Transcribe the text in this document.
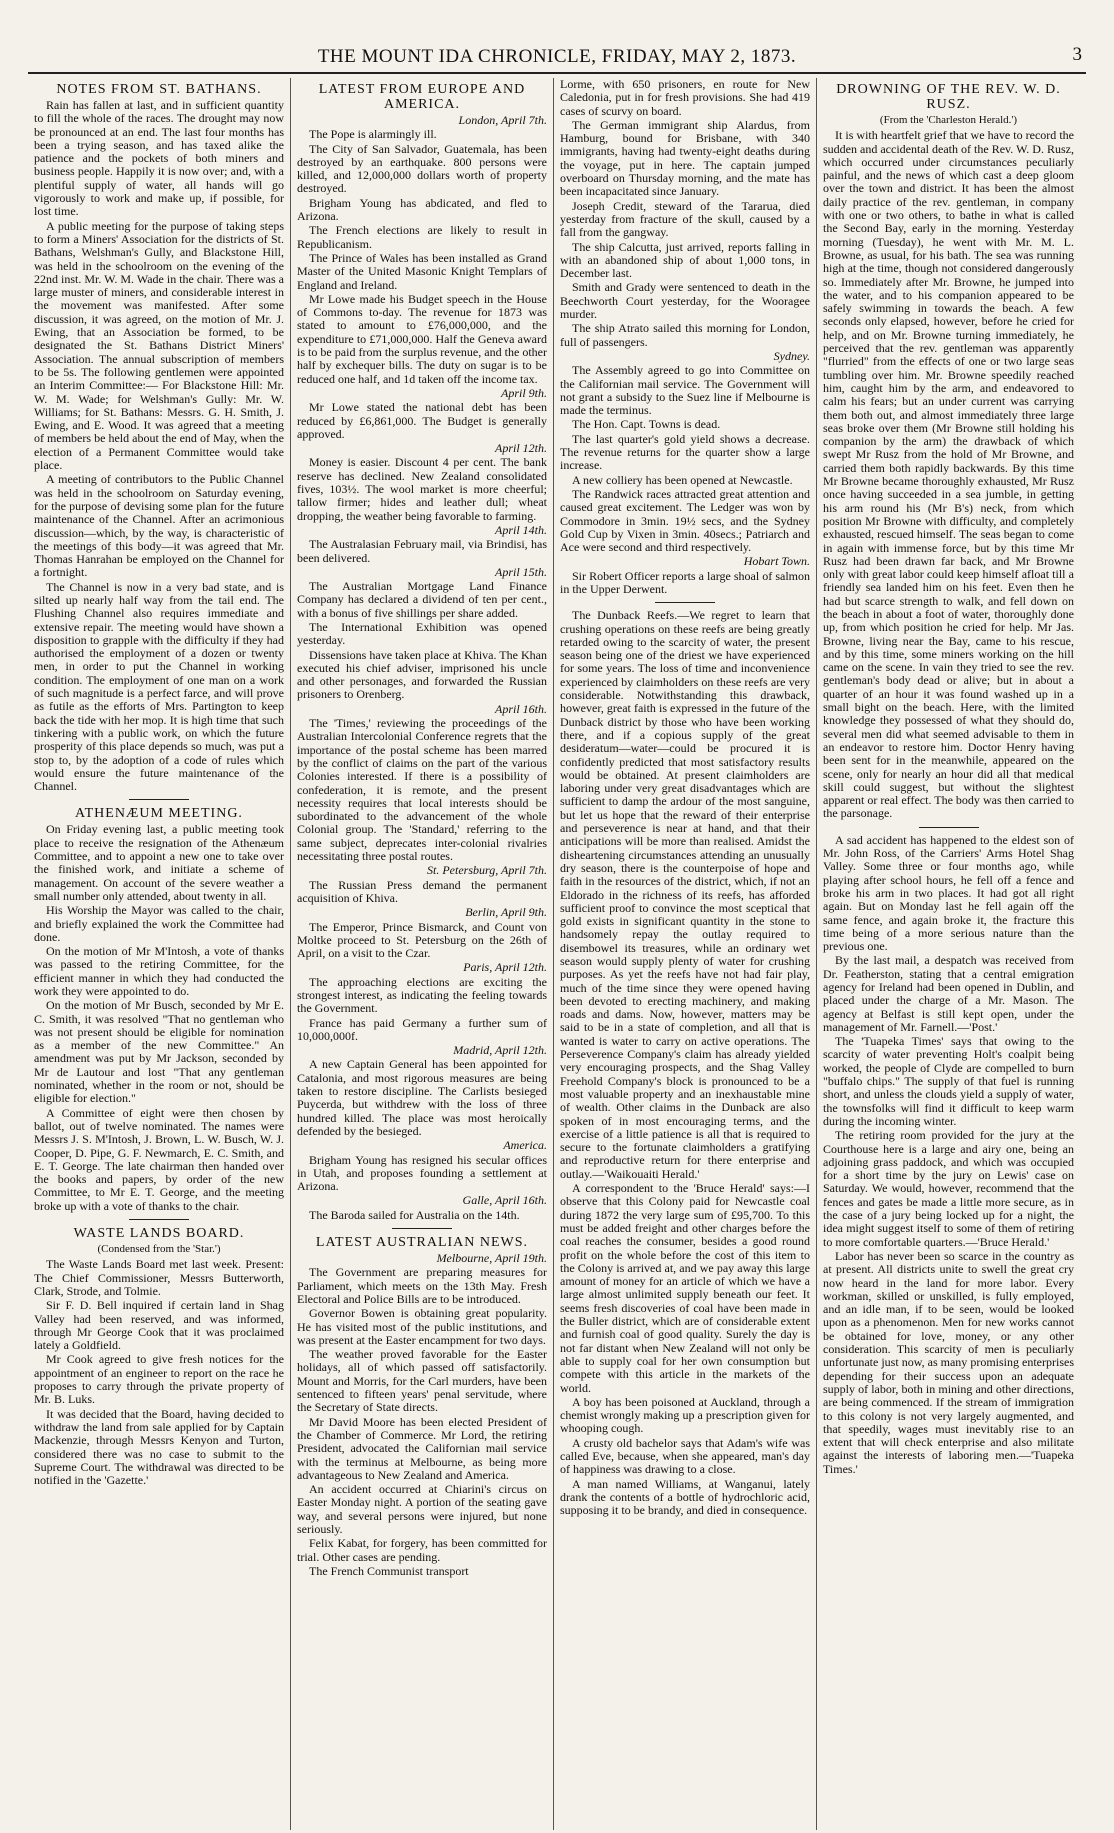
THE MOUNT IDA CHRONICLE, FRIDAY, MAY 2, 1873.	3
NOTES FROM ST. BATHANS.

Rain has fallen at last, and in sufficient quantity to fill the whole of the races. The drought may now be pronounced at an end. The last four months has been a trying season, and has taxed alike the patience and the pockets of both miners and business people. Happily it is now over; and, with a plentiful supply of water, all hands will go vigorously to work and make up, if possible, for lost time.

A public meeting for the purpose of taking steps to form a Miners' Association for the districts of St. Bathans, Welshman's Gully, and Blackstone Hill, was held in the schoolroom on the evening of the 22nd inst. Mr. W. M. Wade in the chair. There was a large muster of miners, and considerable interest in the movement was manifested. After some discussion, it was agreed, on the motion of Mr. J. Ewing, that an Association be formed, to be designated the St. Bathans District Miners' Association. The annual subscription of members to be 5s. The following gentlemen were appointed an Interim Committee:— For Blackstone Hill: Mr. W. M. Wade; for Welshman's Gully: Mr. W. Williams; for St. Bathans: Messrs. G. H. Smith, J. Ewing, and E. Wood. It was agreed that a meeting of members be held about the end of May, when the election of a Permanent Committee would take place.

A meeting of contributors to the Public Channel was held in the schoolroom on Saturday evening, for the purpose of devising some plan for the future maintenance of the Channel. After an acrimonious discussion—which, by the way, is characteristic of the meetings of this body—it was agreed that Mr. Thomas Hanrahan be employed on the Channel for a fortnight.

The Channel is now in a very bad state, and is silted up nearly half way from the tail end. The Flushing Channel also requires immediate and extensive repair. The meeting would have shown a disposition to grapple with the difficulty if they had authorised the employment of a dozen or twenty men, in order to put the Channel in working condition. The employment of one man on a work of such magnitude is a perfect farce, and will prove as futile as the efforts of Mrs. Partington to keep back the tide with her mop. It is high time that such tinkering with a public work, on which the future prosperity of this place depends so much, was put a stop to, by the adoption of a code of rules which would ensure the future maintenance of the Channel.

ATHENÆUM MEETING.

On Friday evening last, a public meeting took place to receive the resignation of the Athenæum Committee, and to appoint a new one to take over the finished work, and initiate a scheme of management. On account of the severe weather a small number only attended, about twenty in all.

His Worship the Mayor was called to the chair, and briefly explained the work the Committee had done.

On the motion of Mr M'Intosh, a vote of thanks was passed to the retiring Committee, for the efficient manner in which they had conducted the work they were appointed to do.

On the motion of Mr Busch, seconded by Mr E. C. Smith, it was resolved "That no gentleman who was not present should be eligible for nomination as a member of the new Committee." An amendment was put by Mr Jackson, seconded by Mr de Lautour and lost "That any gentleman nominated, whether in the room or not, should be eligible for election."

A Committee of eight were then chosen by ballot, out of twelve nominated. The names were Messrs J. S. M'Intosh, J. Brown, L. W. Busch, W. J. Cooper, D. Pipe, G. F. Newmarch, E. C. Smith, and E. T. George. The late chairman then handed over the books and papers, by order of the new Committee, to Mr E. T. George, and the meeting broke up with a vote of thanks to the chair.

WASTE LANDS BOARD.
(Condensed from the 'Star.')

The Waste Lands Board met last week. Present: The Chief Commissioner, Messrs Butterworth, Clark, Strode, and Tolmie.

Sir F. D. Bell inquired if certain land in Shag Valley had been reserved, and was informed, through Mr George Cook that it was proclaimed lately a Goldfield.

Mr Cook agreed to give fresh notices for the appointment of an engineer to report on the race he proposes to carry through the private property of Mr. B. Luks.

It was decided that the Board, having decided to withdraw the land from sale applied for by Captain Mackenzie, through Messrs Kenyon and Turton, considered there was no case to submit to the Supreme Court. The withdrawal was directed to be notified in the 'Gazette.'

LATEST FROM EUROPE AND AMERICA.

London, April 7th.

The Pope is alarmingly ill.

The City of San Salvador, Guatemala, has been destroyed by an earthquake. 800 persons were killed, and 12,000,000 dollars worth of property destroyed.

Brigham Young has abdicated, and fled to Arizona.

The French elections are likely to result in Republicanism.

The Prince of Wales has been installed as Grand Master of the United Masonic Knight Templars of England and Ireland.

Mr Lowe made his Budget speech in the House of Commons to-day. The revenue for 1873 was stated to amount to £76,000,000, and the expenditure to £71,000,000. Half the Geneva award is to be paid from the surplus revenue, and the other half by exchequer bills. The duty on sugar is to be reduced one half, and 1d taken off the income tax.

April 9th.

Mr Lowe stated the national debt has been reduced by £6,861,000. The Budget is generally approved.

April 12th.

Money is easier. Discount 4 per cent. The bank reserve has declined. New Zealand consolidated fives, 103½. The wool market is more cheerful; tallow firmer; hides and leather dull; wheat dropping, the weather being favorable to farming.

April 14th.

The Australasian February mail, via Brindisi, has been delivered.

April 15th.

The Australian Mortgage Land Finance Company has declared a dividend of ten per cent., with a bonus of five shillings per share added.

The International Exhibition was opened yesterday.

Dissensions have taken place at Khiva. The Khan executed his chief adviser, imprisoned his uncle and other personages, and forwarded the Russian prisoners to Orenberg.

April 16th.

The 'Times,' reviewing the proceedings of the Australian Intercolonial Conference regrets that the importance of the postal scheme has been marred by the conflict of claims on the part of the various Colonies interested. If there is a possibility of confederation, it is remote, and the present necessity requires that local interests should be subordinated to the advancement of the whole Colonial group. The 'Standard,' referring to the same subject, deprecates inter-colonial rivalries necessitating three postal routes.

St. Petersburg, April 7th.

The Russian Press demand the permanent acquisition of Khiva.

Berlin, April 9th.

The Emperor, Prince Bismarck, and Count von Moltke proceed to St. Petersburg on the 26th of April, on a visit to the Czar.

Paris, April 12th.

The approaching elections are exciting the strongest interest, as indicating the feeling towards the Government.

France has paid Germany a further sum of 10,000,000f.

Madrid, April 12th.

A new Captain General has been appointed for Catalonia, and most rigorous measures are being taken to restore discipline. The Carlists besieged Puycerda, but withdrew with the loss of three hundred killed. The place was most heroically defended by the besieged.

America.

Brigham Young has resigned his secular offices in Utah, and proposes founding a settlement at Arizona.

Galle, April 16th.

The Baroda sailed for Australia on the 14th.

LATEST AUSTRALIAN NEWS.

Melbourne, April 19th.

The Government are preparing measures for Parliament, which meets on the 13th May. Fresh Electoral and Police Bills are to be introduced.

Governor Bowen is obtaining great popularity. He has visited most of the public institutions, and was present at the Easter encampment for two days.

The weather proved favorable for the Easter holidays, all of which passed off satisfactorily. Mount and Morris, for the Carl murders, have been sentenced to fifteen years' penal servitude, where the Secretary of State directs.

Mr David Moore has been elected President of the Chamber of Commerce. Mr Lord, the retiring President, advocated the Californian mail service with the terminus at Melbourne, as being more advantageous to New Zealand and America.

An accident occurred at Chiarini's circus on Easter Monday night. A portion of the seating gave way, and several persons were injured, but none seriously.

Felix Kabat, for forgery, has been committed for trial. Other cases are pending.

The French Communist transport

Lorme, with 650 prisoners, en route for New Caledonia, put in for fresh provisions. She had 419 cases of scurvy on board.

The German immigrant ship Alardus, from Hamburg, bound for Brisbane, with 340 immigrants, having had twenty-eight deaths during the voyage, put in here. The captain jumped overboard on Thursday morning, and the mate has been incapacitated since January.

Joseph Credit, steward of the Tararua, died yesterday from fracture of the skull, caused by a fall from the gangway.

The ship Calcutta, just arrived, reports falling in with an abandoned ship of about 1,000 tons, in December last.

Smith and Grady were sentenced to death in the Beechworth Court yesterday, for the Wooragee murder.

The ship Atrato sailed this morning for London, full of passengers.

Sydney.

The Assembly agreed to go into Committee on the Californian mail service. The Government will not grant a subsidy to the Suez line if Melbourne is made the terminus.

The Hon. Capt. Towns is dead.

The last quarter's gold yield shows a decrease. The revenue returns for the quarter show a large increase.

A new colliery has been opened at Newcastle.

The Randwick races attracted great attention and caused great excitement. The Ledger was won by Commodore in 3min. 19½ secs, and the Sydney Gold Cup by Vixen in 3min. 40secs.; Patriarch and Ace were second and third respectively.

Hobart Town.

Sir Robert Officer reports a large shoal of salmon in the Upper Derwent.

The Dunback Reefs.—We regret to learn that crushing operations on these reefs are being greatly retarded owing to the scarcity of water, the present season being one of the driest we have experienced for some years. The loss of time and inconvenience experienced by claimholders on these reefs are very considerable. Notwithstanding this drawback, however, great faith is expressed in the future of the Dunback district by those who have been working there, and if a copious supply of the great desideratum—water—could be procured it is confidently predicted that most satisfactory results would be obtained. At present claimholders are laboring under very great disadvantages which are sufficient to damp the ardour of the most sanguine, but let us hope that the reward of their enterprise and perseverence is near at hand, and that their anticipations will be more than realised. Amidst the disheartening circumstances attending an unusually dry season, there is the counterpoise of hope and faith in the resources of the district, which, if not an Eldorado in the richness of its reefs, has afforded sufficient proof to convince the most sceptical that gold exists in significant quantity in the stone to handsomely repay the outlay required to disembowel its treasures, while an ordinary wet season would supply plenty of water for crushing purposes. As yet the reefs have not had fair play, much of the time since they were opened having been devoted to erecting machinery, and making roads and dams. Now, however, matters may be said to be in a state of completion, and all that is wanted is water to carry on active operations. The Perseverence Company's claim has already yielded very encouraging prospects, and the Shag Valley Freehold Company's block is pronounced to be a most valuable property and an inexhaustable mine of wealth. Other claims in the Dunback are also spoken of in most encouraging terms, and the exercise of a little patience is all that is required to secure to the fortunate claimholders a gratifying and reproductive return for there enterprise and outlay.—'Waikouaiti Herald.'

A correspondent to the 'Bruce Herald' says:—I observe that this Colony paid for Newcastle coal during 1872 the very large sum of £95,700. To this must be added freight and other charges before the coal reaches the consumer, besides a good round profit on the whole before the cost of this item to the Colony is arrived at, and we pay away this large amount of money for an article of which we have a large almost unlimited supply beneath our feet. It seems fresh discoveries of coal have been made in the Buller district, which are of considerable extent and furnish coal of good quality. Surely the day is not far distant when New Zealand will not only be able to supply coal for her own consumption but compete with this article in the markets of the world.

A boy has been poisoned at Auckland, through a chemist wrongly making up a prescription given for whooping cough.

A crusty old bachelor says that Adam's wife was called Eve, because, when she appeared, man's day of happiness was drawing to a close.

A man named Williams, at Wanganui, lately drank the contents of a bottle of hydrochloric acid, supposing it to be brandy, and died in consequence.

DROWNING OF THE REV. W. D. RUSZ.
(From the 'Charleston Herald.')

It is with heartfelt grief that we have to record the sudden and accidental death of the Rev. W. D. Rusz, which occurred under circumstances peculiarly painful, and the news of which cast a deep gloom over the town and district. It has been the almost daily practice of the rev. gentleman, in company with one or two others, to bathe in what is called the Second Bay, early in the morning. Yesterday morning (Tuesday), he went with Mr. M. L. Browne, as usual, for his bath. The sea was running high at the time, though not considered dangerously so. Immediately after Mr. Browne, he jumped into the water, and to his companion appeared to be safely swimming in towards the beach. A few seconds only elapsed, however, before he cried for help, and on Mr. Browne turning immediately, he perceived that the rev. gentleman was apparently "flurried" from the effects of one or two large seas tumbling over him. Mr. Browne speedily reached him, caught him by the arm, and endeavored to calm his fears; but an under current was carrying them both out, and almost immediately three large seas broke over them (Mr Browne still holding his companion by the arm) the drawback of which swept Mr Rusz from the hold of Mr Browne, and carried them both rapidly backwards. By this time Mr Browne became thoroughly exhausted, Mr Rusz once having succeeded in a sea jumble, in getting his arm round his (Mr B's) neck, from which position Mr Browne with difficulty, and completely exhausted, rescued himself. The seas began to come in again with immense force, but by this time Mr Rusz had been drawn far back, and Mr Browne only with great labor could keep himself afloat till a friendly sea landed him on his feet. Even then he had but scarce strength to walk, and fell down on the beach in about a foot of water, thoroughly done up, from which position he cried for help. Mr Jas. Browne, living near the Bay, came to his rescue, and by this time, some miners working on the hill came on the scene. In vain they tried to see the rev. gentleman's body dead or alive; but in about a quarter of an hour it was found washed up in a small bight on the beach. Here, with the limited knowledge they possessed of what they should do, several men did what seemed advisable to them in an endeavor to restore him. Doctor Henry having been sent for in the meanwhile, appeared on the scene, only for nearly an hour did all that medical skill could suggest, but without the slightest apparent or real effect. The body was then carried to the parsonage.

A sad accident has happened to the eldest son of Mr. John Ross, of the Carriers' Arms Hotel Shag Valley. Some three or four months ago, while playing after school hours, he fell off a fence and broke his arm in two places. It had got all right again. But on Monday last he fell again off the same fence, and again broke it, the fracture this time being of a more serious nature than the previous one.

By the last mail, a despatch was received from Dr. Featherston, stating that a central emigration agency for Ireland had been opened in Dublin, and placed under the charge of a Mr. Mason. The agency at Belfast is still kept open, under the management of Mr. Farnell.—'Post.'

The 'Tuapeka Times' says that owing to the scarcity of water preventing Holt's coalpit being worked, the people of Clyde are compelled to burn "buffalo chips." The supply of that fuel is running short, and unless the clouds yield a supply of water, the townsfolks will find it difficult to keep warm during the incoming winter.

The retiring room provided for the jury at the Courthouse here is a large and airy one, being an adjoining grass paddock, and which was occupied for a short time by the jury on Lewis' case on Saturday. We would, however, recommend that the fences and gates be made a little more secure, as in the case of a jury being locked up for a night, the idea might suggest itself to some of them of retiring to more comfortable quarters.—'Bruce Herald.'

Labor has never been so scarce in the country as at present. All districts unite to swell the great cry now heard in the land for more labor. Every workman, skilled or unskilled, is fully employed, and an idle man, if to be seen, would be looked upon as a phenomenon. Men for new works cannot be obtained for love, money, or any other consideration. This scarcity of men is peculiarly unfortunate just now, as many promising enterprises depending for their success upon an adequate supply of labor, both in mining and other directions, are being commenced. If the stream of immigration to this colony is not very largely augmented, and that speedily, wages must inevitably rise to an extent that will check enterprise and also militate against the interests of laboring men.—'Tuapeka Times.'
